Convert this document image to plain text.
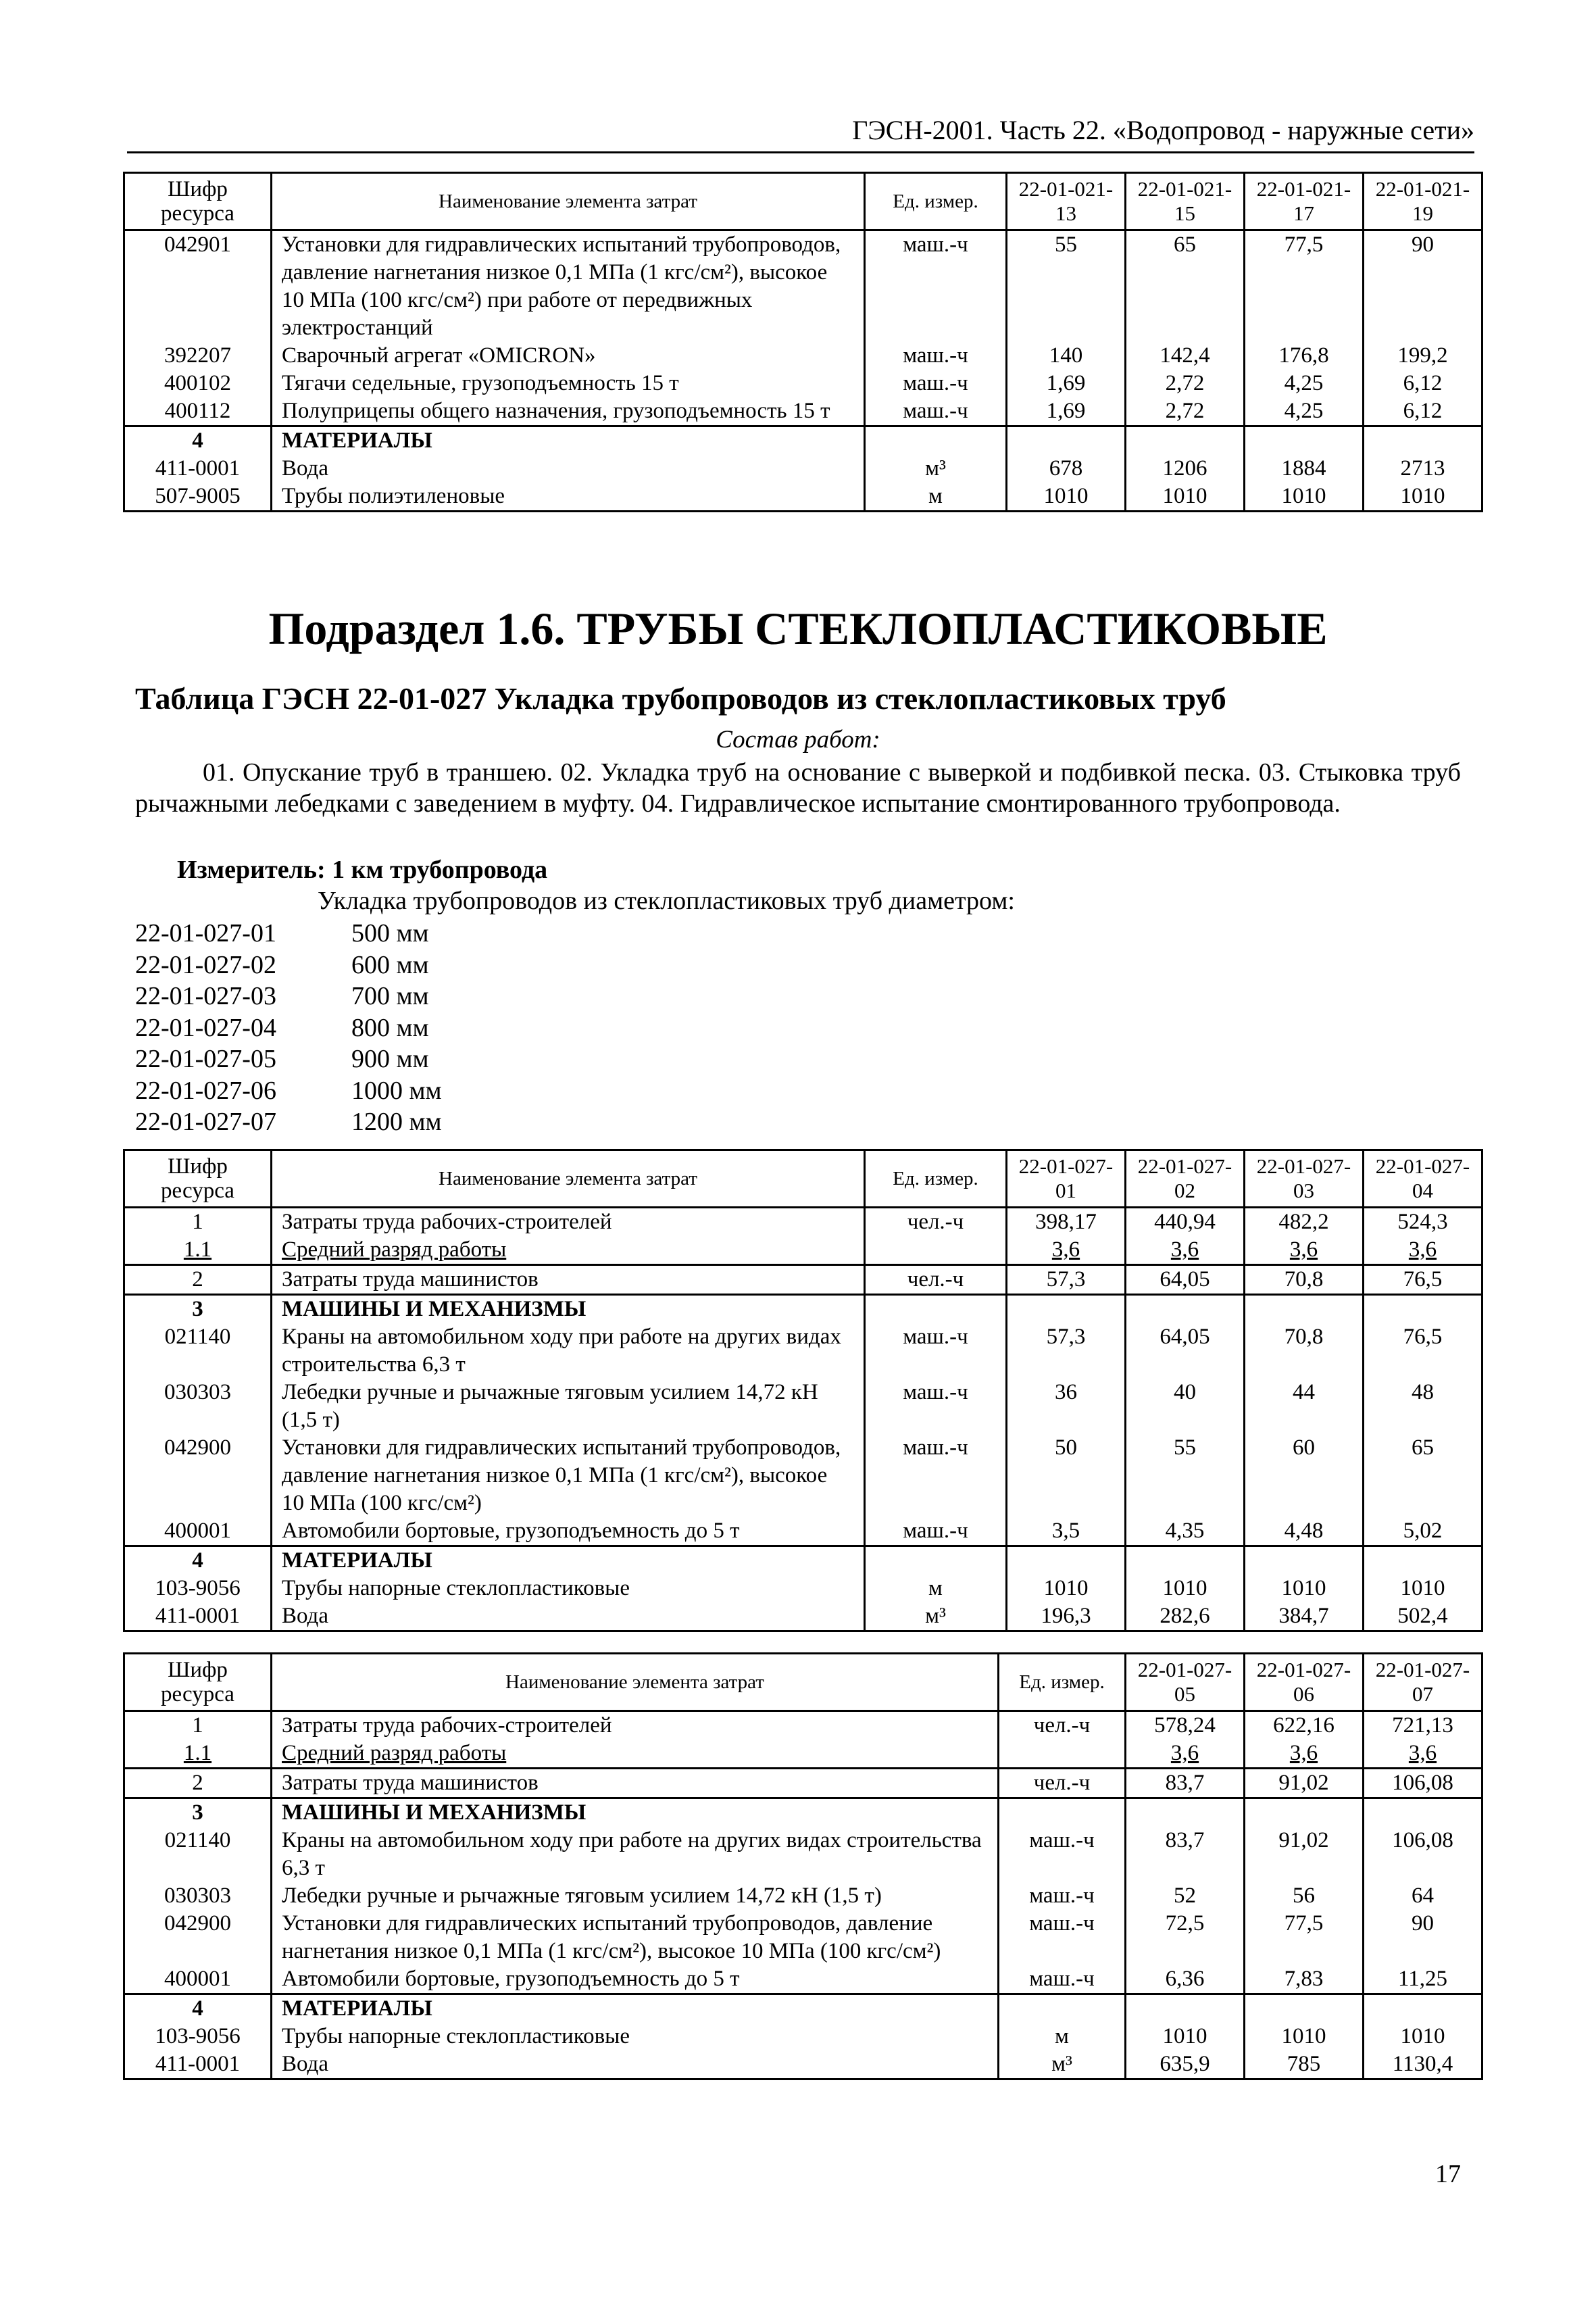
ГЭСН-2001. Часть 22. «Водопровод - наружные сети»
Шифр ресурса	Наименование элемента затрат	Ед. измер.	22-01-021-13	22-01-021-15	22-01-021-17	22-01-021-19
042901	Установки для гидравлических испытаний трубопроводов, давление нагнетания низкое 0,1 МПа (1 кгс/см²), высокое 10 МПа (100 кгс/см²) при работе от передвижных электростанций	маш.-ч	55	65	77,5	90
392207	Сварочный агрегат «OMICRON»	маш.-ч	140	142,4	176,8	199,2
400102	Тягачи седельные, грузоподъемность 15 т	маш.-ч	1,69	2,72	4,25	6,12
400112	Полуприцепы общего назначения, грузоподъемность 15 т	маш.-ч	1,69	2,72	4,25	6,12
4	МАТЕРИАЛЫ					
411-0001	Вода	м³	678	1206	1884	2713
507-9005	Трубы полиэтиленовые	м	1010	1010	1010	1010
Подраздел 1.6. ТРУБЫ СТЕКЛОПЛАСТИКОВЫЕ
Таблица ГЭСН 22-01-027 Укладка трубопроводов из стеклопластиковых труб
Состав работ:
01. Опускание труб в траншею. 02. Укладка труб на основание с выверкой и подбивкой песка. 03. Стыковка труб рычажными лебедками с заведением в муфту. 04. Гидравлическое испытание смонтированного трубопровода.
Измеритель: 1 км трубопровода
Укладка трубопроводов из стеклопластиковых труб диаметром:
22-01-027-01	500 мм
22-01-027-02	600 мм
22-01-027-03	700 мм
22-01-027-04	800 мм
22-01-027-05	900 мм
22-01-027-06	1000 мм
22-01-027-07	1200 мм
Шифр ресурса	Наименование элемента затрат	Ед. измер.	22-01-027-01	22-01-027-02	22-01-027-03	22-01-027-04
1	Затраты труда рабочих-строителей	чел.-ч	398,17	440,94	482,2	524,3
1.1	Средний разряд работы		3,6	3,6	3,6	3,6
2	Затраты труда машинистов	чел.-ч	57,3	64,05	70,8	76,5
3	МАШИНЫ И МЕХАНИЗМЫ					
021140	Краны на автомобильном ходу при работе на других видах строительства 6,3 т	маш.-ч	57,3	64,05	70,8	76,5
030303	Лебедки ручные и рычажные тяговым усилием 14,72 кН (1,5 т)	маш.-ч	36	40	44	48
042900	Установки для гидравлических испытаний трубопроводов, давление нагнетания низкое 0,1 МПа (1 кгс/см²), высокое 10 МПа (100 кгс/см²)	маш.-ч	50	55	60	65
400001	Автомобили бортовые, грузоподъемность до 5 т	маш.-ч	3,5	4,35	4,48	5,02
4	МАТЕРИАЛЫ					
103-9056	Трубы напорные стеклопластиковые	м	1010	1010	1010	1010
411-0001	Вода	м³	196,3	282,6	384,7	502,4
Шифр ресурса	Наименование элемента затрат	Ед. измер.	22-01-027-05	22-01-027-06	22-01-027-07
1	Затраты труда рабочих-строителей	чел.-ч	578,24	622,16	721,13
1.1	Средний разряд работы		3,6	3,6	3,6
2	Затраты труда машинистов	чел.-ч	83,7	91,02	106,08
3	МАШИНЫ И МЕХАНИЗМЫ				
021140	Краны на автомобильном ходу при работе на других видах строительства 6,3 т	маш.-ч	83,7	91,02	106,08
030303	Лебедки ручные и рычажные тяговым усилием 14,72 кН (1,5 т)	маш.-ч	52	56	64
042900	Установки для гидравлических испытаний трубопроводов, давление нагнетания низкое 0,1 МПа (1 кгс/см²), высокое 10 МПа (100 кгс/см²)	маш.-ч	72,5	77,5	90
400001	Автомобили бортовые, грузоподъемность до 5 т	маш.-ч	6,36	7,83	11,25
4	МАТЕРИАЛЫ				
103-9056	Трубы напорные стеклопластиковые	м	1010	1010	1010
411-0001	Вода	м³	635,9	785	1130,4
17
